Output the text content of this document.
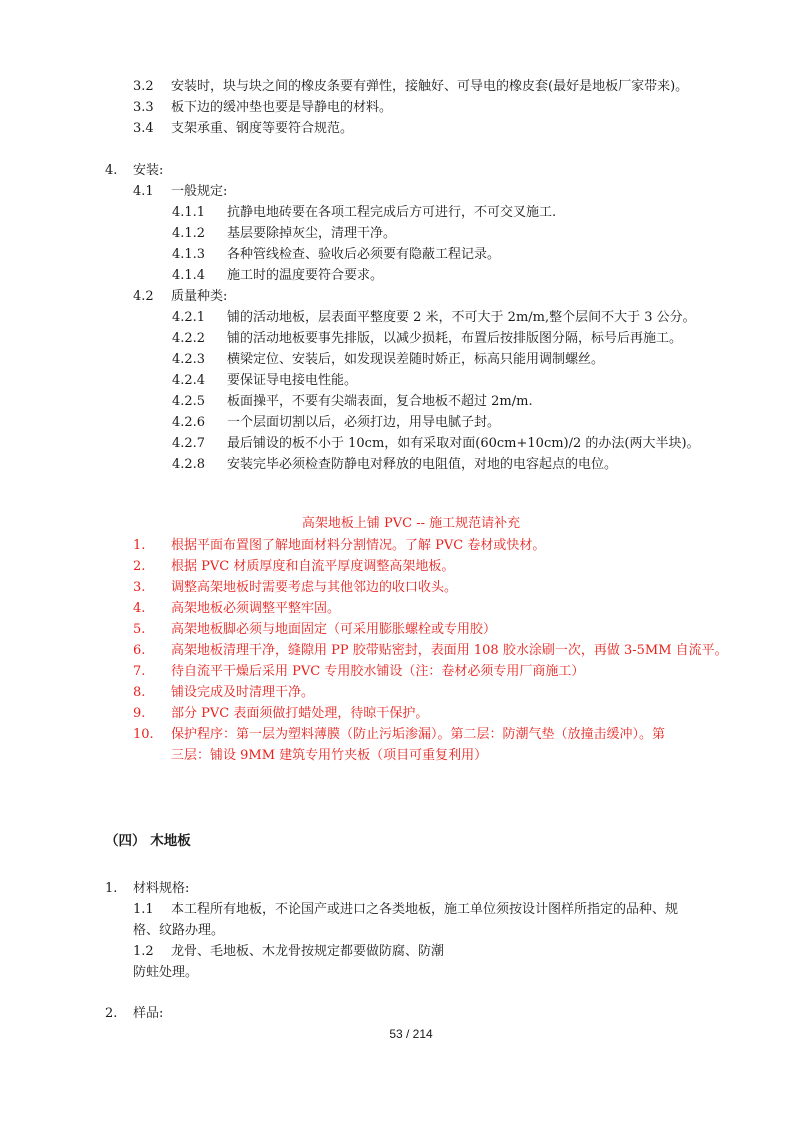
3.2 安装时，块与块之间的橡皮条要有弹性，接触好、可导电的橡皮套(最好是地板厂家带来)。
3.3 板下边的缓冲垫也要是导静电的材料。
3.4 支架承重、钢度等要符合规范。
4. 安装:
4.1 一般规定:
4.1.1 抗静电地砖要在各项工程完成后方可进行，不可交叉施工.
4.1.2 基层要除掉灰尘，清理干净。
4.1.3 各种管线检查、验收后必须要有隐蔽工程记录。
4.1.4 施工时的温度要符合要求。
4.2 质量种类:
4.2.1 铺的活动地板，层表面平整度要 2 米，不可大于 2m/m,整个层间不大于 3 公分。
4.2.2 铺的活动地板要事先排版，以减少损耗，布置后按排版图分隔，标号后再施工。
4.2.3 横梁定位、安装后，如发现误差随时娇正，标高只能用调制螺丝。
4.2.4 要保证导电接电性能。
4.2.5 板面操平，不要有尖端表面，复合地板不超过 2m/m.
4.2.6 一个层面切割以后，必须打边，用导电腻子封。
4.2.7 最后铺设的板不小于 10cm，如有采取对面(60cm+10cm)/2 的办法(两大半块)。
4.2.8 安装完毕必须检查防静电对释放的电阻值，对地的电容起点的电位。
高架地板上铺 PVC -- 施工规范请补充
1. 根据平面布置图了解地面材料分割情况。了解 PVC 卷材或快材。
2. 根据 PVC 材质厚度和自流平厚度调整高架地板。
3. 调整高架地板时需要考虑与其他邻边的收口收头。
4. 高架地板必须调整平整牢固。
5. 高架地板脚必须与地面固定（可采用膨胀螺栓或专用胶）
6. 高架地板清理干净，缝隙用 PP 胶带贴密封，表面用 108 胶水涂刷一次，再做 3-5MM 自流平。
7. 待自流平干燥后采用 PVC 专用胶水铺设（注：卷材必须专用厂商施工）
8. 铺设完成及时清理干净。
9. 部分 PVC 表面须做打蜡处理，待晾干保护。
10. 保护程序：第一层为塑料薄膜（防止污垢渗漏）。第二层：防潮气垫（放撞击缓冲）。第
三层：铺设 9MM 建筑专用竹夹板（项目可重复利用）
（四） 木地板
1. 材料规格:
1.1 本工程所有地板，不论国产或进口之各类地板，施工单位须按设计图样所指定的品种、规
格、纹路办理。
1.2 龙骨、毛地板、木龙骨按规定都要做防腐、防潮
防蛀处理。
2. 样品:
53 / 214
